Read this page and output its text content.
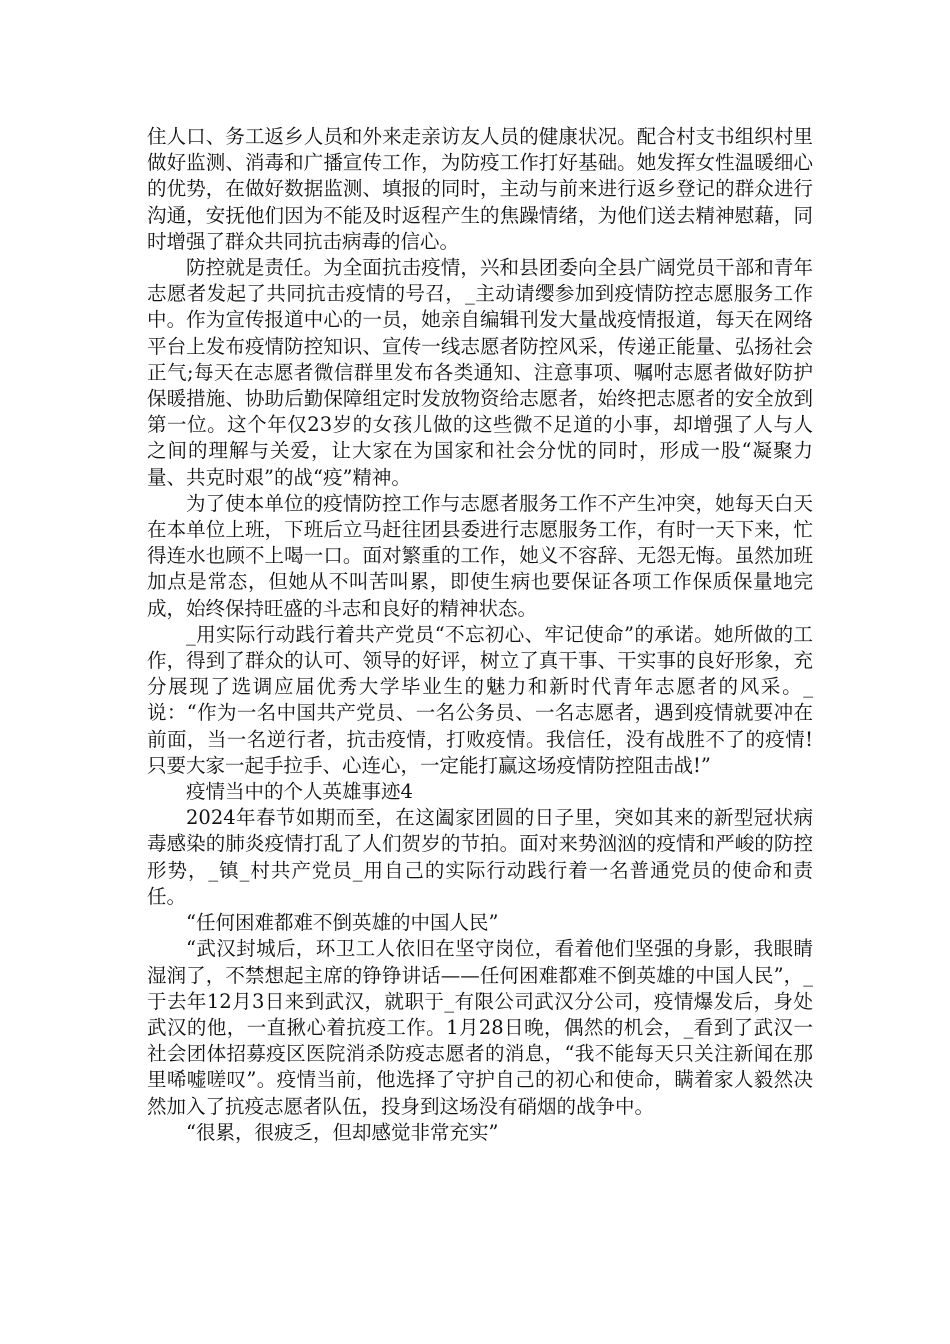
住人口、务工返乡人员和外来走亲访友人员的健康状况。配合村支书组织村里做好监测、消毒和广播宣传工作，为防疫工作打好基础。她发挥女性温暖细心的优势，在做好数据监测、填报的同时，主动与前来进行返乡登记的群众进行沟通，安抚他们因为不能及时返程产生的焦躁情绪，为他们送去精神慰藉，同时增强了群众共同抗击病毒的信心。

防控就是责任。为全面抗击疫情，兴和县团委向全县广阔党员干部和青年志愿者发起了共同抗击疫情的号召，_主动请缨参加到疫情防控志愿服务工作中。作为宣传报道中心的一员，她亲自编辑刊发大量战疫情报道，每天在网络平台上发布疫情防控知识、宣传一线志愿者防控风采，传递正能量、弘扬社会正气;每天在志愿者微信群里发布各类通知、注意事项、嘱咐志愿者做好防护保暖措施、协助后勤保障组定时发放物资给志愿者，始终把志愿者的安全放到第一位。这个年仅23岁的女孩儿做的这些微不足道的小事，却增强了人与人之间的理解与关爱，让大家在为国家和社会分忧的同时，形成一股“凝聚力量、共克时艰”的战“疫”精神。

为了使本单位的疫情防控工作与志愿者服务工作不产生冲突，她每天白天在本单位上班，下班后立马赶往团县委进行志愿服务工作，有时一天下来，忙得连水也顾不上喝一口。面对繁重的工作，她义不容辞、无怨无悔。虽然加班加点是常态，但她从不叫苦叫累，即使生病也要保证各项工作保质保量地完成，始终保持旺盛的斗志和良好的精神状态。

_用实际行动践行着共产党员“不忘初心、牢记使命”的承诺。她所做的工作，得到了群众的认可、领导的好评，树立了真干事、干实事的良好形象，充分展现了选调应届优秀大学毕业生的魅力和新时代青年志愿者的风采。_说：“作为一名中国共产党员、一名公务员、一名志愿者，遇到疫情就要冲在前面，当一名逆行者，抗击疫情，打败疫情。我信任，没有战胜不了的疫情!只要大家一起手拉手、心连心，一定能打赢这场疫情防控阻击战!”

疫情当中的个人英雄事迹4

2024年春节如期而至，在这阖家团圆的日子里，突如其来的新型冠状病毒感染的肺炎疫情打乱了人们贺岁的节拍。面对来势汹汹的疫情和严峻的防控形势，_镇_村共产党员_用自己的实际行动践行着一名普通党员的使命和责任。

“任何困难都难不倒英雄的中国人民”

“武汉封城后，环卫工人依旧在坚守岗位，看着他们坚强的身影，我眼睛湿润了，不禁想起主席的铮铮讲话——任何困难都难不倒英雄的中国人民”，_于去年12月3日来到武汉，就职于_有限公司武汉分公司，疫情爆发后，身处武汉的他，一直揪心着抗疫工作。1月28日晚，偶然的机会，_看到了武汉一社会团体招募疫区医院消杀防疫志愿者的消息，“我不能每天只关注新闻在那里唏嘘嗟叹”。疫情当前，他选择了守护自己的初心和使命，瞒着家人毅然决然加入了抗疫志愿者队伍，投身到这场没有硝烟的战争中。

“很累，很疲乏，但却感觉非常充实”
